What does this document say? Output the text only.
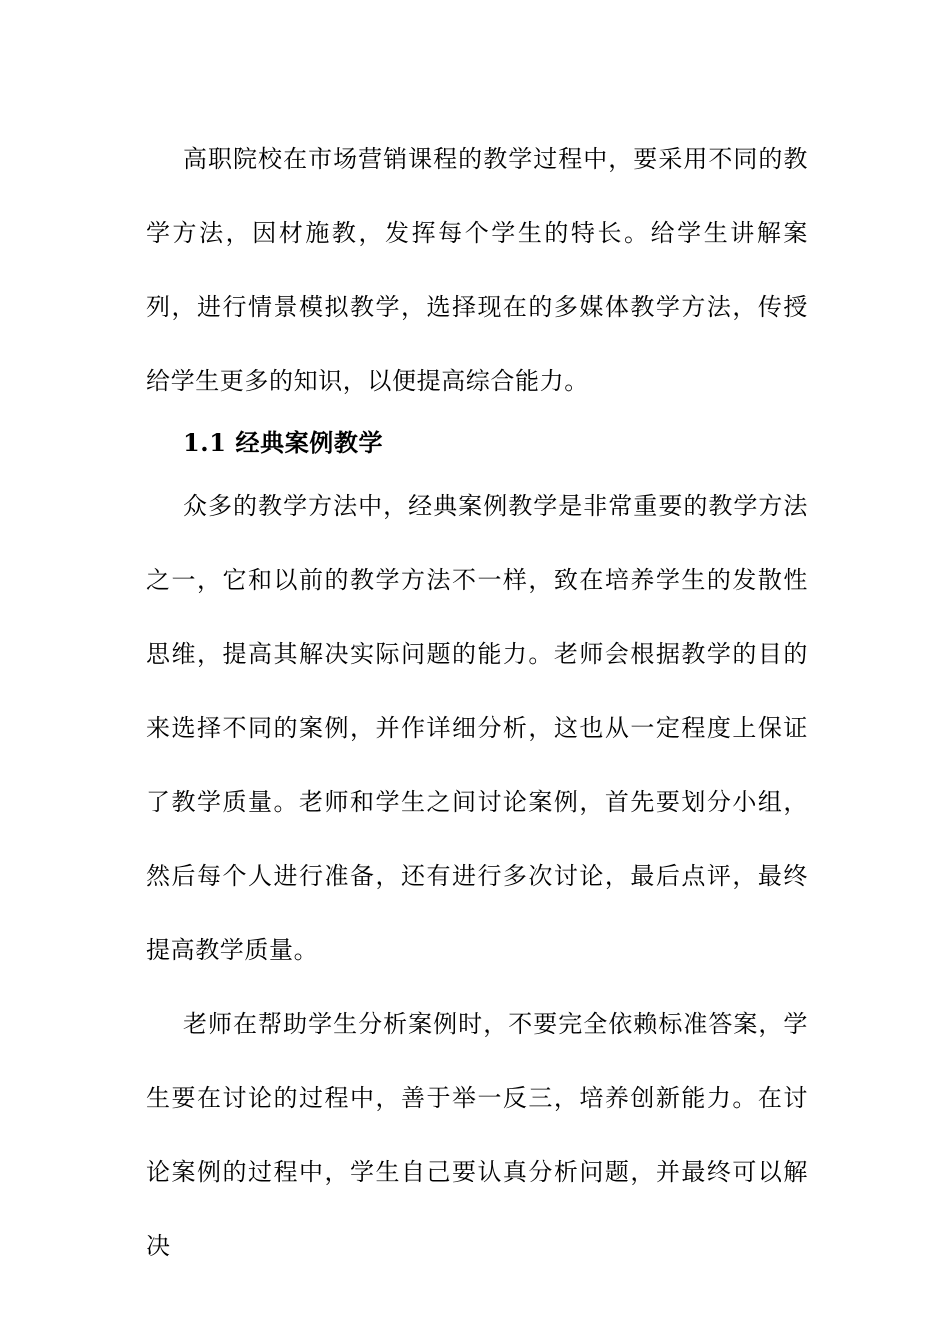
高职院校在市场营销课程的教学过程中，要采用不同的教学方法，因材施教，发挥每个学生的特长。给学生讲解案列，进行情景模拟教学，选择现在的多媒体教学方法，传授给学生更多的知识，以便提高综合能力。

1.1 经典案例教学

众多的教学方法中，经典案例教学是非常重要的教学方法之一，它和以前的教学方法不一样，致在培养学生的发散性思维，提高其解决实际问题的能力。老师会根据教学的目的来选择不同的案例，并作详细分析，这也从一定程度上保证了教学质量。老师和学生之间讨论案例，首先要划分小组，然后每个人进行准备，还有进行多次讨论，最后点评，最终提高教学质量。

老师在帮助学生分析案例时，不要完全依赖标准答案，学生要在讨论的过程中，善于举一反三，培养创新能力。在讨论案例的过程中，学生自己要认真分析问题，并最终可以解决
